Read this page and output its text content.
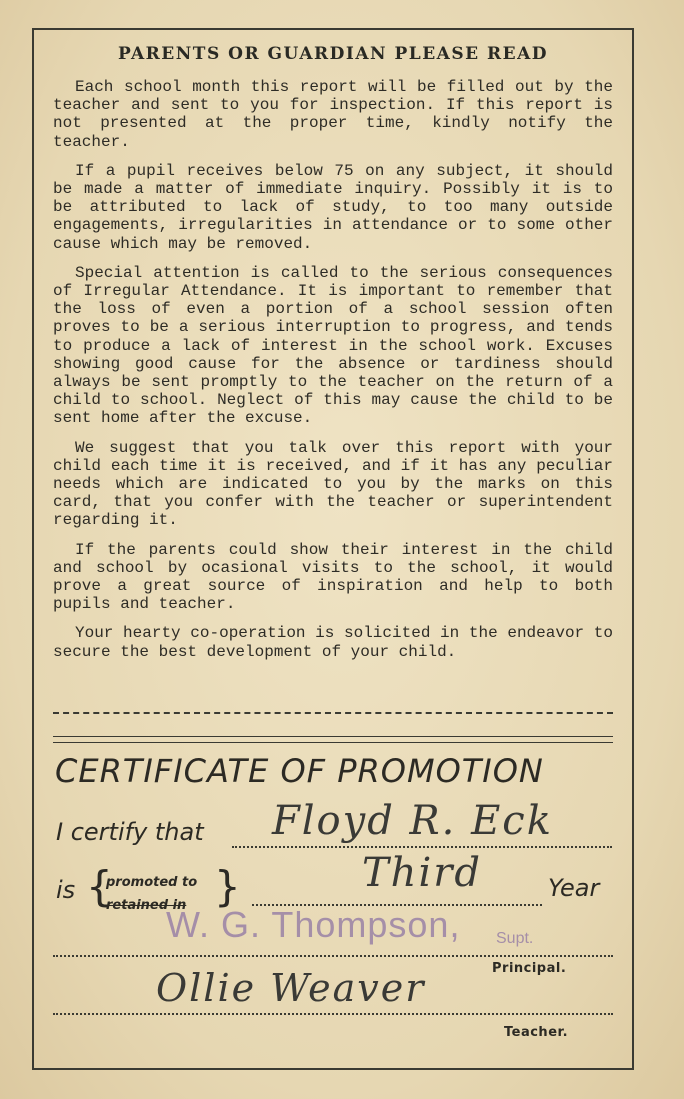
PARENTS OR GUARDIAN PLEASE READ

Each school month this report will be filled out by the teacher and sent to you for inspection. If this report is not presented at the proper time, kindly notify the teacher.

If a pupil receives below 75 on any subject, it should be made a matter of immediate inquiry. Possibly it is to be attributed to lack of study, to too many outside engagements, irregularities in attendance or to some other cause which may be removed.

Special attention is called to the serious consequences of Irregular Attendance. It is important to remember that the loss of even a portion of a school session often proves to be a serious interruption to progress, and tends to produce a lack of interest in the school work. Excuses showing good cause for the absence or tardiness should always be sent promptly to the teacher on the return of a child to school. Neglect of this may cause the child to be sent home after the excuse.

We suggest that you talk over this report with your child each time it is received, and if it has any peculiar needs which are indicated to you by the marks on this card, that you confer with the teacher or superintendent regarding it.

If the parents could show their interest in the child and school by ocasional visits to the school, it would prove a great source of inspiration and help to both pupils and teacher.

Your hearty co-operation is solicited in the endeavor to secure the best development of your child.

CERTIFICATE OF PROMOTION
I certify that Floyd R. Eck
is {
promoted to
retained in }	Third	Year
W. G. Thompson, Supt.
Principal.
Ollie Weaver
Teacher.
